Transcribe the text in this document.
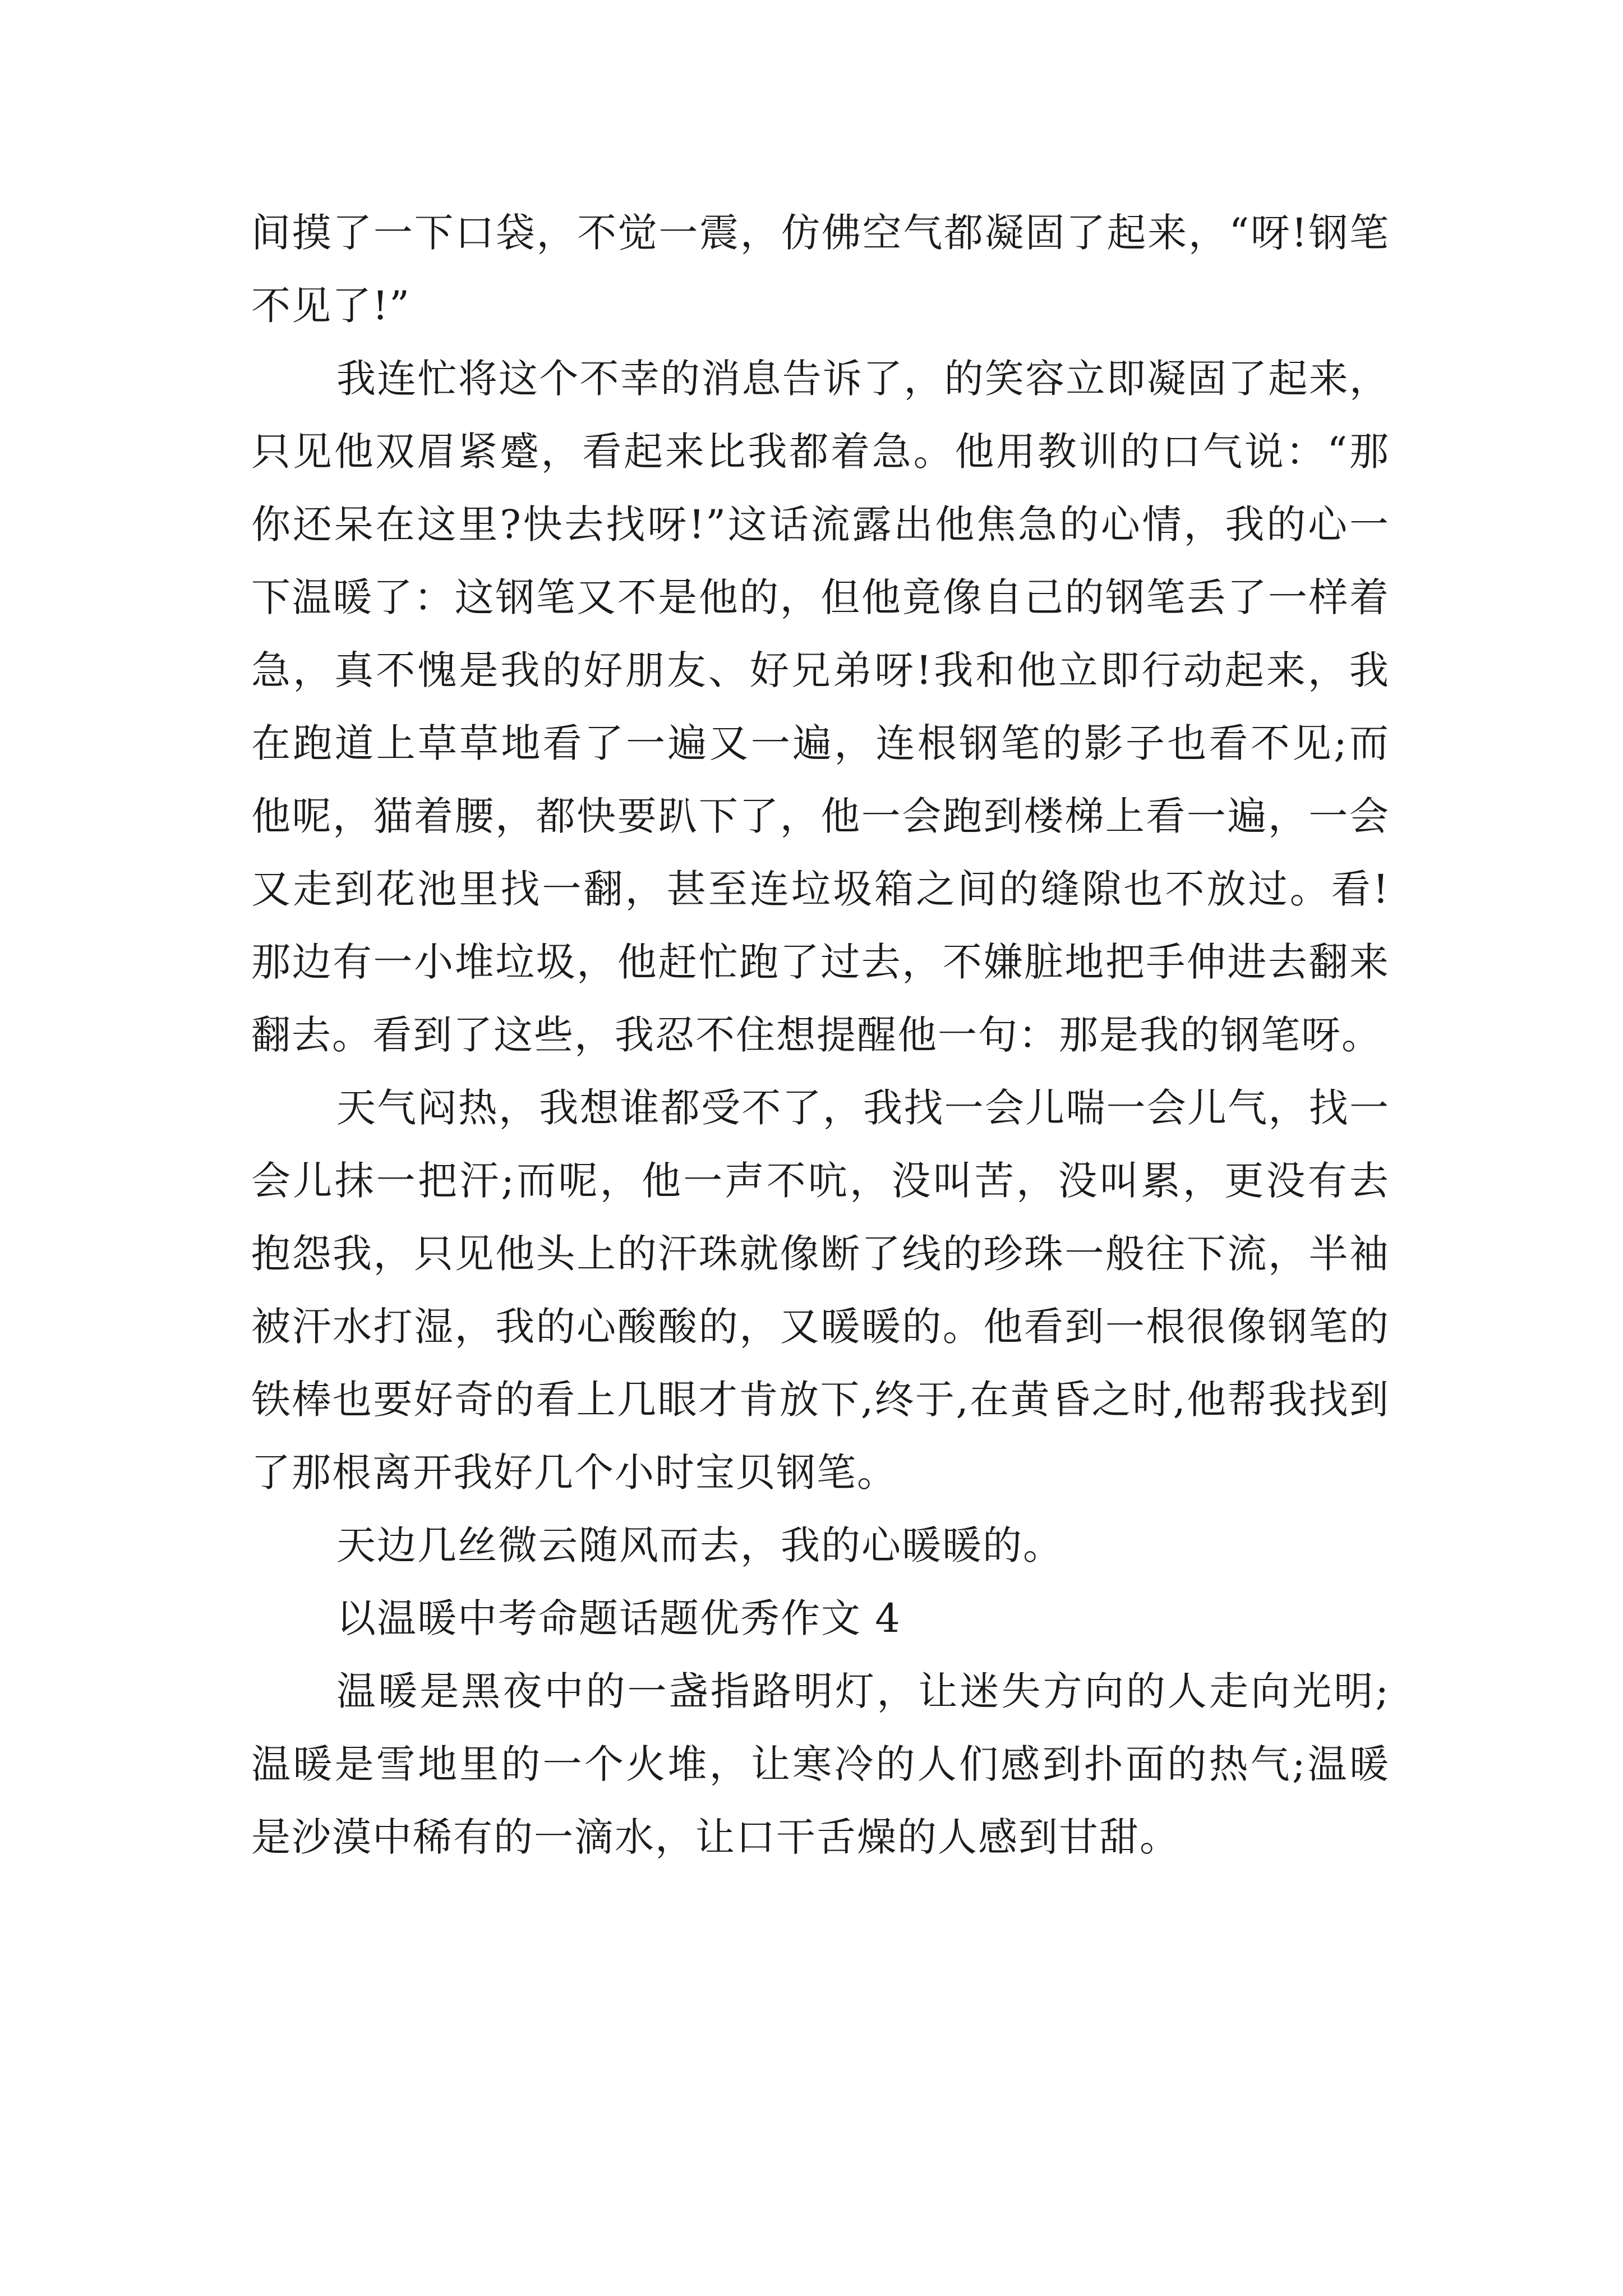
间摸了一下口袋，不觉一震，仿佛空气都凝固了起来，“呀!钢笔不见了!”

我连忙将这个不幸的消息告诉了，的笑容立即凝固了起来，只见他双眉紧蹙，看起来比我都着急。他用教训的口气说：“那你还呆在这里?快去找呀!”这话流露出他焦急的心情，我的心一下温暖了：这钢笔又不是他的，但他竟像自己的钢笔丢了一样着急，真不愧是我的好朋友、好兄弟呀!我和他立即行动起来，我在跑道上草草地看了一遍又一遍，连根钢笔的影子也看不见;而他呢，猫着腰，都快要趴下了，他一会跑到楼梯上看一遍，一会又走到花池里找一翻，甚至连垃圾箱之间的缝隙也不放过。看!那边有一小堆垃圾，他赶忙跑了过去，不嫌脏地把手伸进去翻来翻去。看到了这些，我忍不住想提醒他一句：那是我的钢笔呀。

天气闷热，我想谁都受不了，我找一会儿喘一会儿气，找一会儿抹一把汗;而呢，他一声不吭，没叫苦，没叫累，更没有去抱怨我，只见他头上的汗珠就像断了线的珍珠一般往下流，半袖被汗水打湿，我的心酸酸的，又暖暖的。他看到一根很像钢笔的铁棒也要好奇的看上几眼才肯放下,终于,在黄昏之时,他帮我找到了那根离开我好几个小时宝贝钢笔。

天边几丝微云随风而去，我的心暖暖的。

以温暖中考命题话题优秀作文 4

温暖是黑夜中的一盏指路明灯，让迷失方向的人走向光明;温暖是雪地里的一个火堆，让寒冷的人们感到扑面的热气;温暖是沙漠中稀有的一滴水，让口干舌燥的人感到甘甜。
